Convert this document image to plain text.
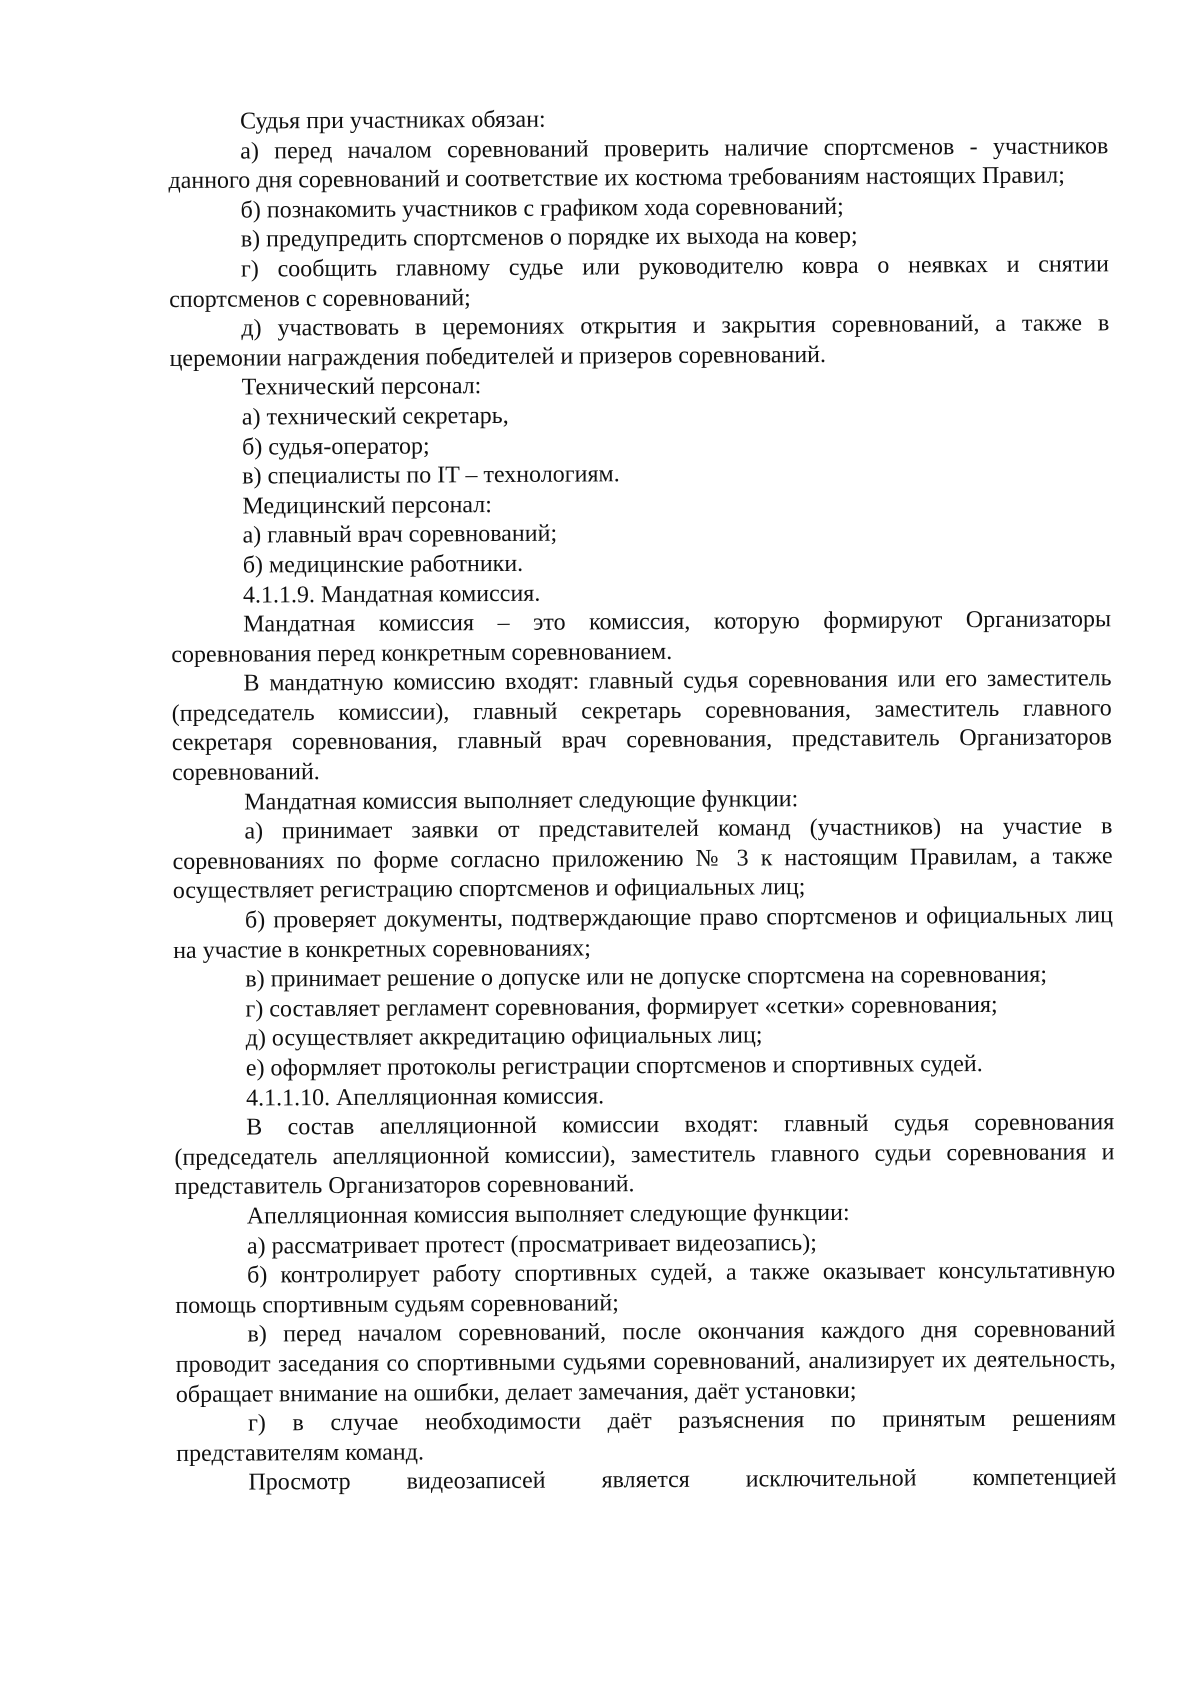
Судья при участниках обязан:

а) перед началом соревнований проверить наличие спортсменов - участников данного дня соревнований и соответствие их костюма требованиям настоящих Правил;

б) познакомить участников с графиком хода соревнований;

в) предупредить спортсменов о порядке их выхода на ковер;

г) сообщить главному судье или руководителю ковра о неявках и снятии спортсменов с соревнований;

д) участвовать в церемониях открытия и закрытия соревнований, а также в церемонии награждения победителей и призеров соревнований.

Технический персонал:

а) технический секретарь,

б) судья-оператор;

в) специалисты по IT – технологиям.

Медицинский персонал:

а) главный врач соревнований;

б) медицинские работники.

4.1.1.9. Мандатная комиссия.

Мандатная комиссия – это комиссия, которую формируют Организаторы соревнования перед конкретным соревнованием.

В мандатную комиссию входят: главный судья соревнования или его заместитель (председатель комиссии), главный секретарь соревнования, заместитель главного секретаря соревнования, главный врач соревнования, представитель Организаторов соревнований.

Мандатная комиссия выполняет следующие функции:

а) принимает заявки от представителей команд (участников) на участие в соревнованиях по форме согласно приложению № 3 к настоящим Правилам, а также осуществляет регистрацию спортсменов и официальных лиц;

б) проверяет документы, подтверждающие право спортсменов и официальных лиц на участие в конкретных соревнованиях;

в) принимает решение о допуске или не допуске спортсмена на соревнования;

г) составляет регламент соревнования, формирует «сетки» соревнования;

д) осуществляет аккредитацию официальных лиц;

е) оформляет протоколы регистрации спортсменов и спортивных судей.

4.1.1.10. Апелляционная комиссия.

В состав апелляционной комиссии входят: главный судья соревнования (председатель апелляционной комиссии), заместитель главного судьи соревнования и представитель Организаторов соревнований.

Апелляционная комиссия выполняет следующие функции:

а) рассматривает протест (просматривает видеозапись);

б) контролирует работу спортивных судей, а также оказывает консультативную помощь спортивным судьям соревнований;

в) перед началом соревнований, после окончания каждого дня соревнований проводит заседания со спортивными судьями соревнований, анализирует их деятельность, обращает внимание на ошибки, делает замечания, даёт установки;

г) в случае необходимости даёт разъяснения по принятым решениям представителям команд.

Просмотр видеозаписей является исключительной компетенцией
